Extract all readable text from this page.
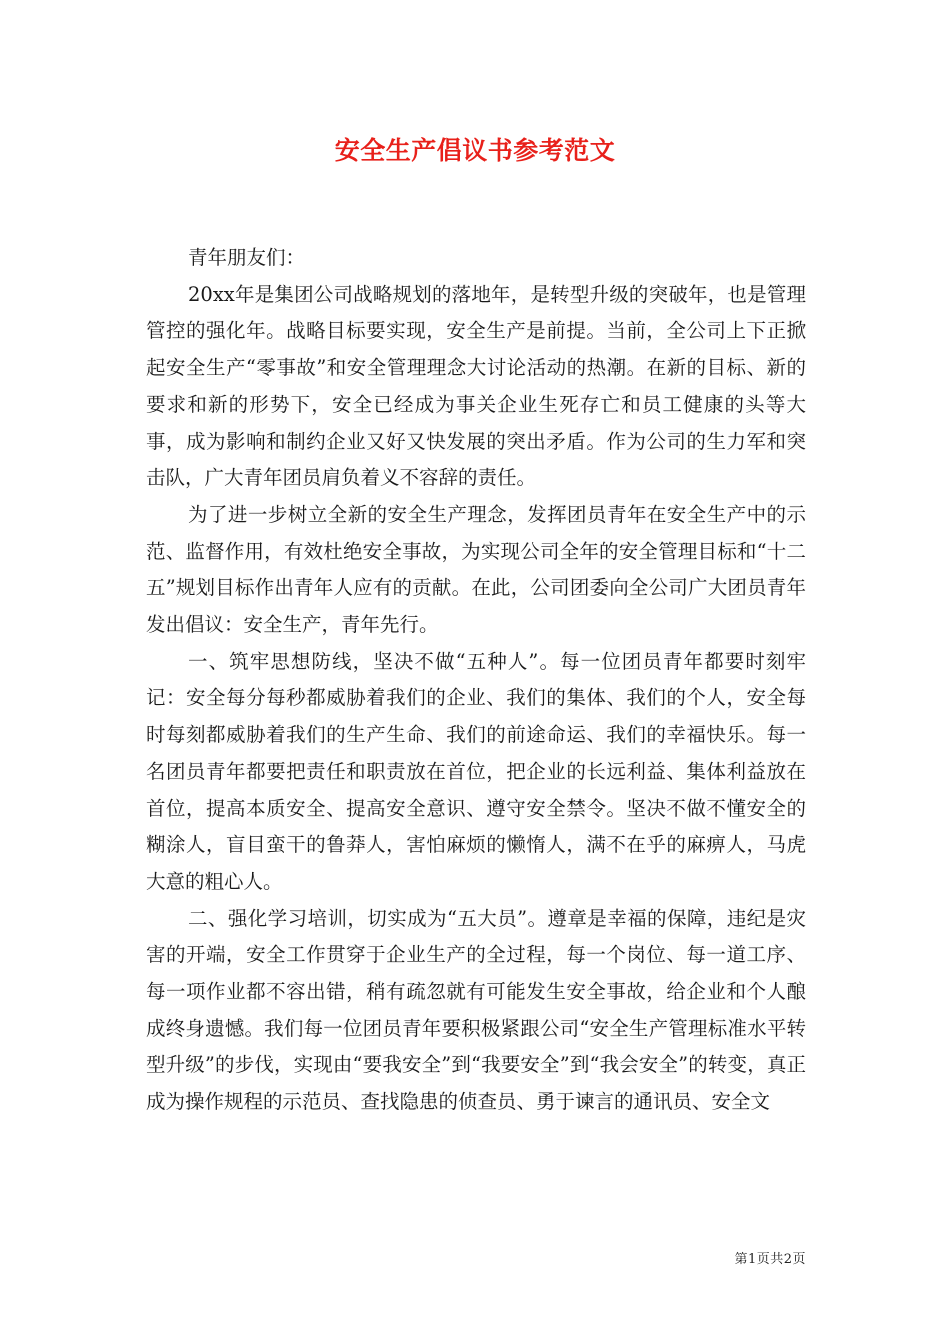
安全生产倡议书参考范文

青年朋友们：

20xx年是集团公司战略规划的落地年，是转型升级的突破年，也是管理管控的强化年。战略目标要实现，安全生产是前提。当前，全公司上下正掀起安全生产“零事故”和安全管理理念大讨论活动的热潮。在新的目标、新的要求和新的形势下，安全已经成为事关企业生死存亡和员工健康的头等大事，成为影响和制约企业又好又快发展的突出矛盾。作为公司的生力军和突击队，广大青年团员肩负着义不容辞的责任。

为了进一步树立全新的安全生产理念，发挥团员青年在安全生产中的示范、监督作用，有效杜绝安全事故，为实现公司全年的安全管理目标和“十二五”规划目标作出青年人应有的贡献。在此，公司团委向全公司广大团员青年发出倡议：安全生产，青年先行。

一、筑牢思想防线，坚决不做“五种人”。每一位团员青年都要时刻牢记：安全每分每秒都威胁着我们的企业、我们的集体、我们的个人，安全每时每刻都威胁着我们的生产生命、我们的前途命运、我们的幸福快乐。每一名团员青年都要把责任和职责放在首位，把企业的长远利益、集体利益放在首位，提高本质安全、提高安全意识、遵守安全禁令。坚决不做不懂安全的糊涂人，盲目蛮干的鲁莽人，害怕麻烦的懒惰人，满不在乎的麻痹人，马虎大意的粗心人。

二、强化学习培训，切实成为“五大员”。遵章是幸福的保障，违纪是灾害的开端，安全工作贯穿于企业生产的全过程，每一个岗位、每一道工序、每一项作业都不容出错，稍有疏忽就有可能发生安全事故，给企业和个人酿成终身遗憾。我们每一位团员青年要积极紧跟公司“安全生产管理标准水平转型升级”的步伐，实现由“要我安全”到“我要安全”到“我会安全”的转变，真正成为操作规程的示范员、查找隐患的侦查员、勇于谏言的通讯员、安全文

第1页共2页
